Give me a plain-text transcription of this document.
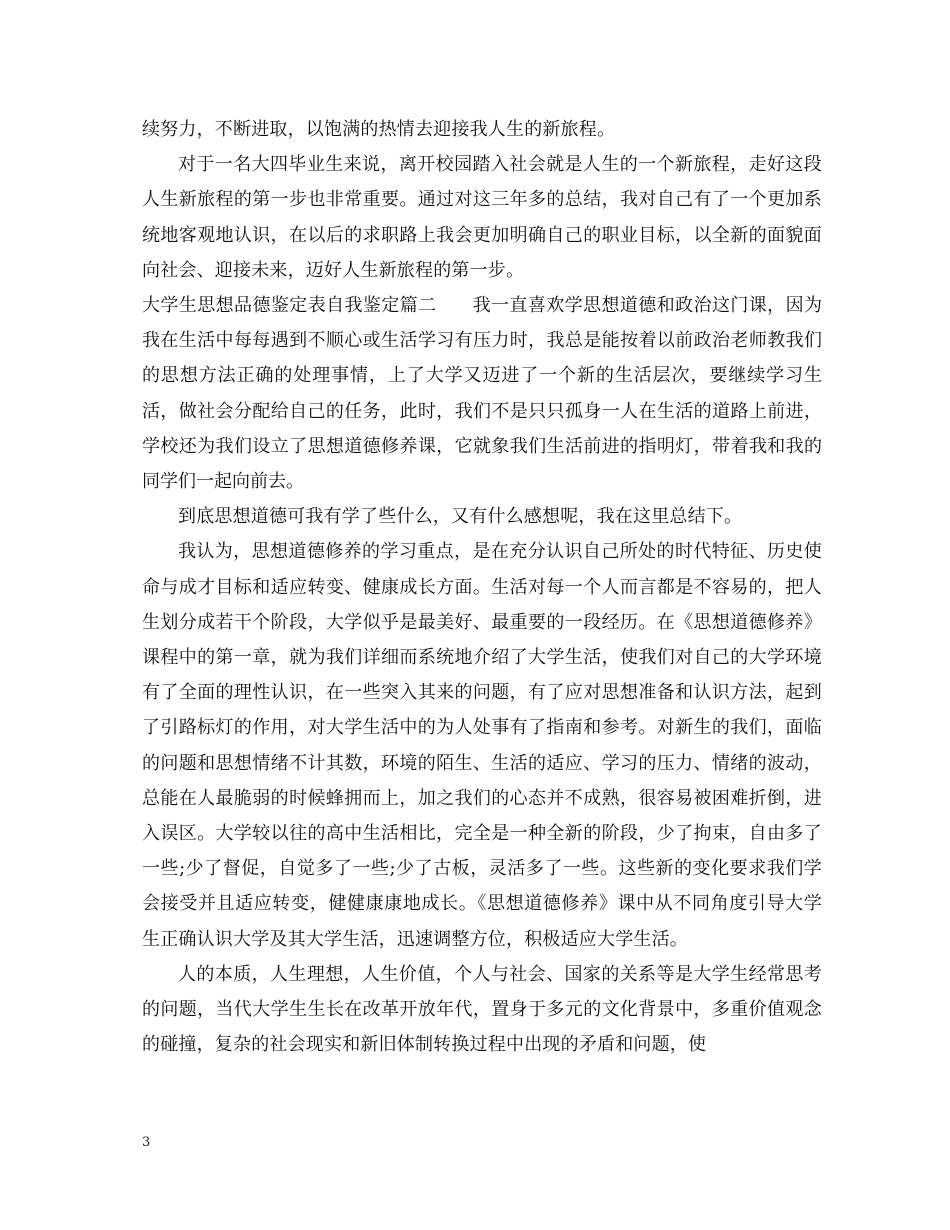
续努力，不断进取，以饱满的热情去迎接我人生的新旅程。

对于一名大四毕业生来说，离开校园踏入社会就是人生的一个新旅程，走好这段人生新旅程的第一步也非常重要。通过对这三年多的总结，我对自己有了一个更加系统地客观地认识，在以后的求职路上我会更加明确自己的职业目标，以全新的面貌面向社会、迎接未来，迈好人生新旅程的第一步。

大学生思想品德鉴定表自我鉴定篇二 我一直喜欢学思想道德和政治这门课，因为我在生活中每每遇到不顺心或生活学习有压力时，我总是能按着以前政治老师教我们的思想方法正确的处理事情，上了大学又迈进了一个新的生活层次，要继续学习生活，做社会分配给自己的任务，此时，我们不是只只孤身一人在生活的道路上前进，学校还为我们设立了思想道德修养课，它就象我们生活前进的指明灯，带着我和我的同学们一起向前去。

到底思想道德可我有学了些什么，又有什么感想呢，我在这里总结下。

我认为，思想道德修养的学习重点，是在充分认识自己所处的时代特征、历史使命与成才目标和适应转变、健康成长方面。生活对每一个人而言都是不容易的，把人生划分成若干个阶段，大学似乎是最美好、最重要的一段经历。在《思想道德修养》课程中的第一章，就为我们详细而系统地介绍了大学生活，使我们对自己的大学环境有了全面的理性认识，在一些突入其来的问题，有了应对思想准备和认识方法，起到了引路标灯的作用，对大学生活中的为人处事有了指南和参考。对新生的我们，面临的问题和思想情绪不计其数，环境的陌生、生活的适应、学习的压力、情绪的波动，总能在人最脆弱的时候蜂拥而上，加之我们的心态并不成熟，很容易被困难折倒，进入误区。大学较以往的高中生活相比，完全是一种全新的阶段，少了拘束，自由多了一些;少了督促，自觉多了一些;少了古板，灵活多了一些。这些新的变化要求我们学会接受并且适应转变，健健康康地成长。《思想道德修养》课中从不同角度引导大学生正确认识大学及其大学生活，迅速调整方位，积极适应大学生活。

人的本质，人生理想，人生价值，个人与社会、国家的关系等是大学生经常思考的问题，当代大学生生长在改革开放年代，置身于多元的文化背景中，多重价值观念的碰撞，复杂的社会现实和新旧体制转换过程中出现的矛盾和问题，使

3
